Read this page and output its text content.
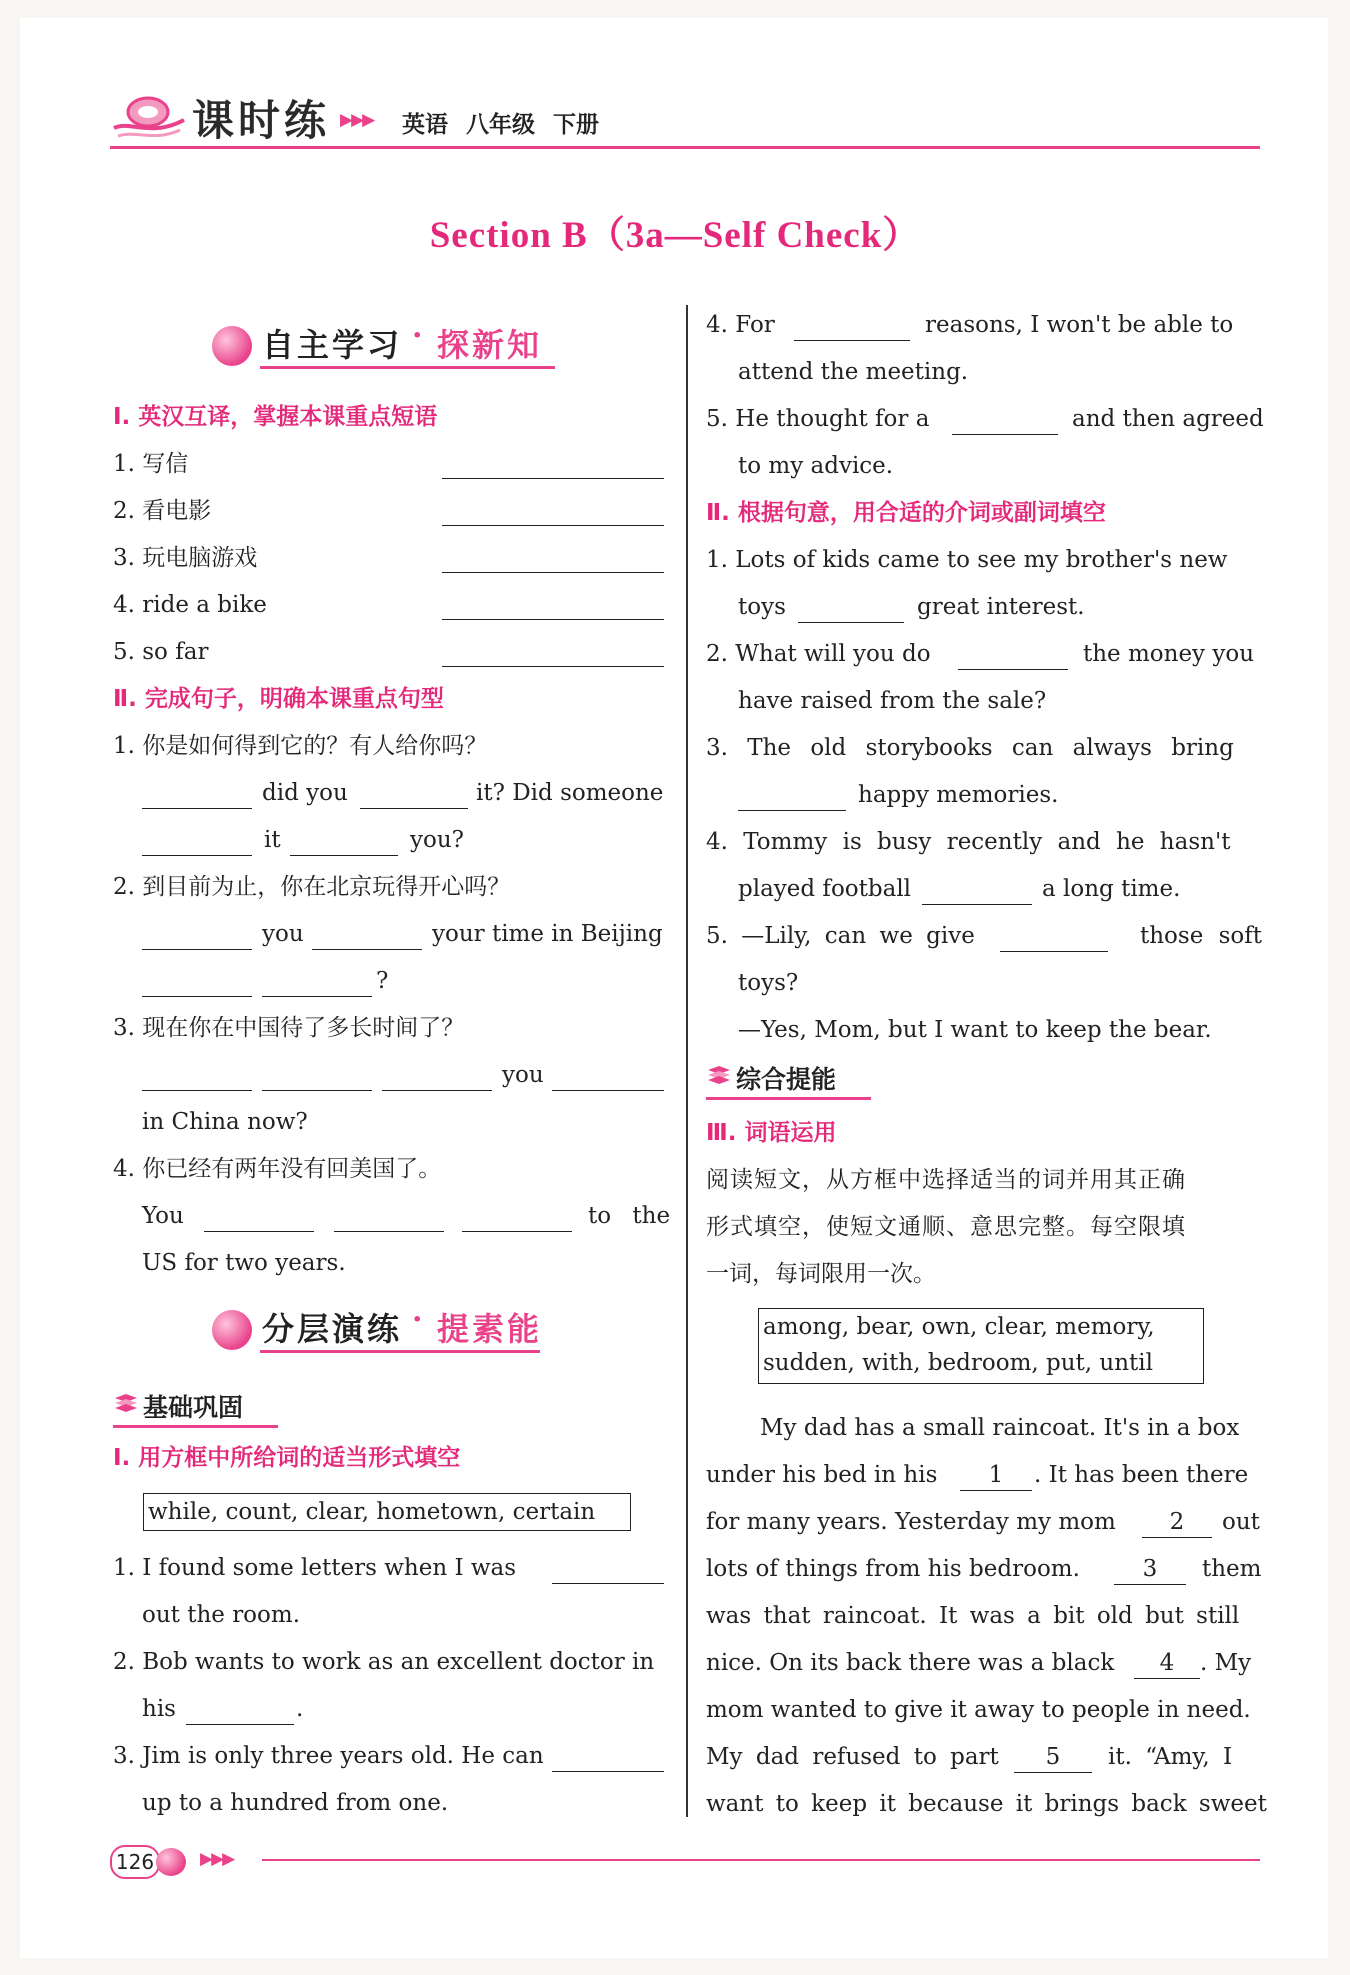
课时练 ▶▶▶ 英语 八年级 下册
Section B（3a—Self Check）
自主学习 · 探新知
Ⅰ. 英汉互译，掌握本课重点短语
1. 写信
2. 看电影
3. 玩电脑游戏
4. ride a bike
5. so far
Ⅱ. 完成句子，明确本课重点句型
1. 你是如何得到它的？有人给你吗？
did you	it? Did someone
it	you?
2. 到目前为止，你在北京玩得开心吗？
you	your time in Beijing
?
3. 现在你在中国待了多长时间了？
you
in China now?
4. 你已经有两年没有回美国了。
You	to the
US for two years.
分层演练 · 提素能
基础巩固
Ⅰ. 用方框中所给词的适当形式填空
while, count, clear, hometown, certain
1. I found some letters when I was
out the room.
2. Bob wants to work as an excellent doctor in
his	.
3. Jim is only three years old. He can
up to a hundred from one.
4. For	reasons, I won't be able to
attend the meeting.
5. He thought for a	and then agreed
to my advice.
Ⅱ. 根据句意，用合适的介词或副词填空
1. Lots of kids came to see my brother's new
toys	great interest.
2. What will you do	the money you
have raised from the sale?
3. The old storybooks can always bring
happy memories.
4. Tommy is busy recently and he hasn't
played football	a long time.
5. —Lily, can we give	those soft
toys?
—Yes, Mom, but I want to keep the bear.
综合提能
Ⅲ. 词语运用
阅读短文，从方框中选择适当的词并用其正确
形式填空，使短文通顺、意思完整。每空限填
一词，每词限用一次。
among, bear, own, clear, memory,
sudden, with, bedroom, put, until
My dad has a small raincoat. It's in a box
under his bed in his	1	. It has been there
for many years. Yesterday my mom	2	out
lots of things from his bedroom.	3	them
was that raincoat. It was a bit old but still
nice. On its back there was a black	4	. My
mom wanted to give it away to people in need.
My dad refused to part	5	it. “Amy, I
want to keep it because it brings back sweet
126	▶▶▶
